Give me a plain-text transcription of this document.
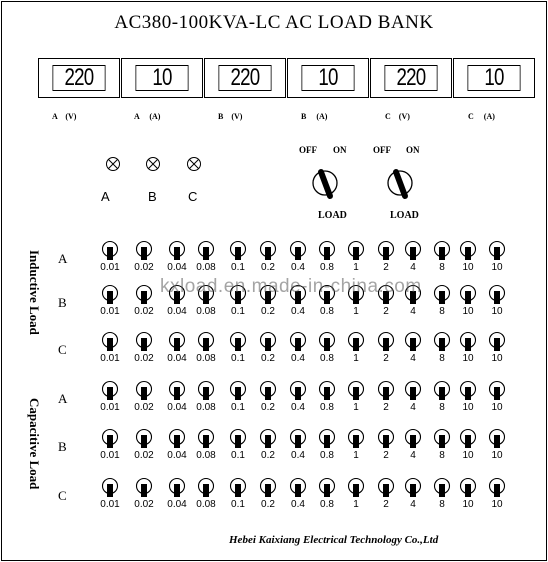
AC380-100KVA-LC AC LOAD BANK
220	10	220	10	220	10
A    (V)	A     (A)	B    (V)	B     (A)	C    (V)	C     (A)
A	B C
OFF ON	OFF ON
LOAD	LOAD
Inductive Load
Capacitive Load
A
0.01	0.02	0.04 0.08	0.1	0.2	0.4	0.8	1	2	4	8	10	10
B
0.01	0.02	0.04 0.08	0.1	0.2	0.4	0.8	1	2	4	8	10	10
C
0.01	0.02	0.04 0.08	0.1	0.2	0.4	0.8	1	2	4	8	10	10
A
0.01	0.02	0.04 0.08	0.1	0.2	0.4	0.8	1	2	4	8	10	10
B
0.01	0.02	0.04 0.08	0.1	0.2	0.4	0.8	1	2	4	8	10	10
C
0.01	0.02	0.04 0.08	0.1	0.2	0.4	0.8	1	2	4	8	10	10
kxload.en.made-in-china.com
Hebei Kaixiang Electrical Technology Co.,Ltd
